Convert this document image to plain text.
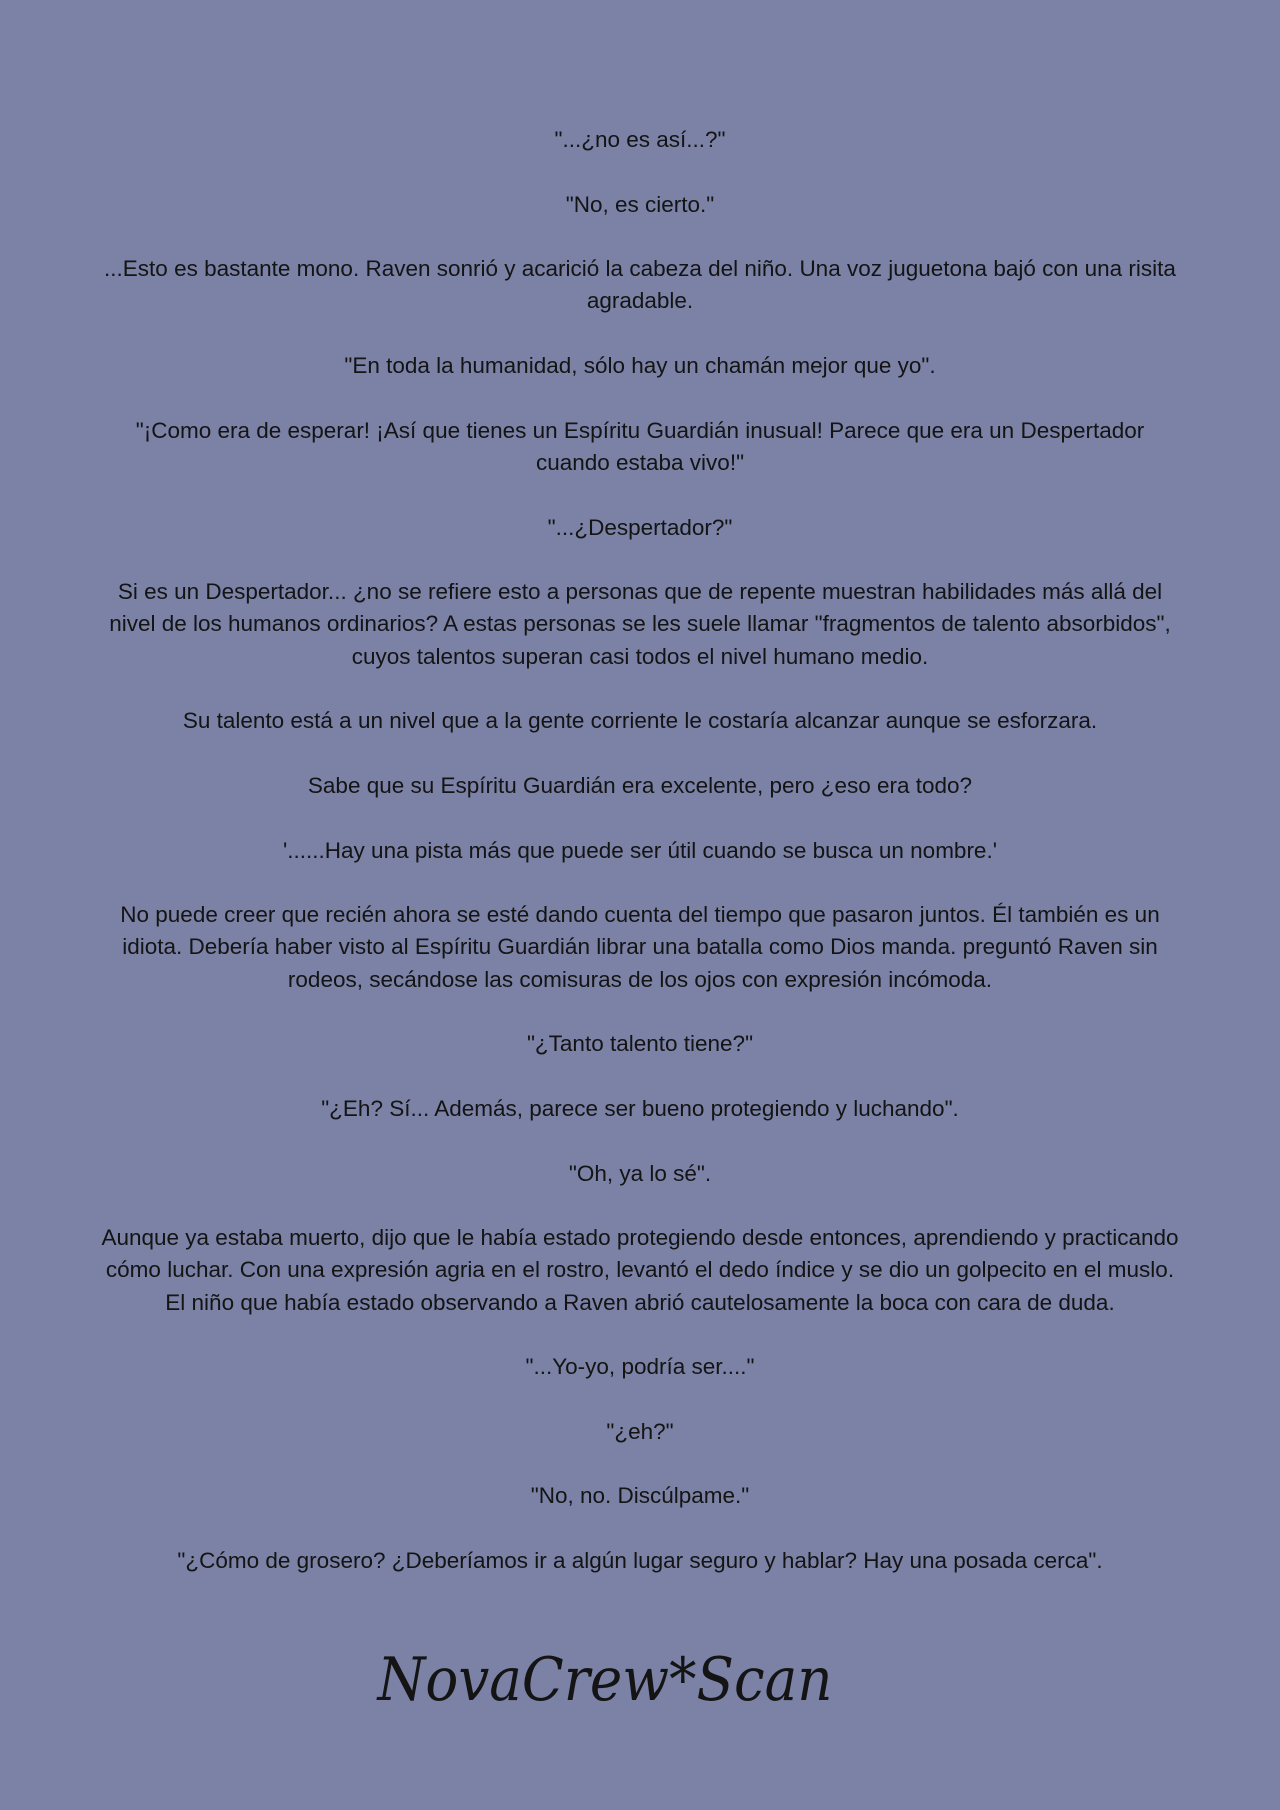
"...¿no es así...?"

"No, es cierto."

...Esto es bastante mono. Raven sonrió y acarició la cabeza del niño. Una voz juguetona bajó con una risita agradable.

"En toda la humanidad, sólo hay un chamán mejor que yo".

"¡Como era de esperar! ¡Así que tienes un Espíritu Guardián inusual! Parece que era un Despertador cuando estaba vivo!"

"...¿Despertador?"

Si es un Despertador... ¿no se refiere esto a personas que de repente muestran habilidades más allá del nivel de los humanos ordinarios? A estas personas se les suele llamar "fragmentos de talento absorbidos", cuyos talentos superan casi todos el nivel humano medio.

Su talento está a un nivel que a la gente corriente le costaría alcanzar aunque se esforzara.

Sabe que su Espíritu Guardián era excelente, pero ¿eso era todo?

'......Hay una pista más que puede ser útil cuando se busca un nombre.'

No puede creer que recién ahora se esté dando cuenta del tiempo que pasaron juntos. Él también es un idiota. Debería haber visto al Espíritu Guardián librar una batalla como Dios manda. preguntó Raven sin rodeos, secándose las comisuras de los ojos con expresión incómoda.

"¿Tanto talento tiene?"

"¿Eh? Sí... Además, parece ser bueno protegiendo y luchando".

"Oh, ya lo sé".

Aunque ya estaba muerto, dijo que le había estado protegiendo desde entonces, aprendiendo y practicando cómo luchar. Con una expresión agria en el rostro, levantó el dedo índice y se dio un golpecito en el muslo. El niño que había estado observando a Raven abrió cautelosamente la boca con cara de duda.

"...Yo-yo, podría ser...."

"¿eh?"

"No, no. Discúlpame."

"¿Cómo de grosero? ¿Deberíamos ir a algún lugar seguro y hablar? Hay una posada cerca".

NovaCrew*Scan
